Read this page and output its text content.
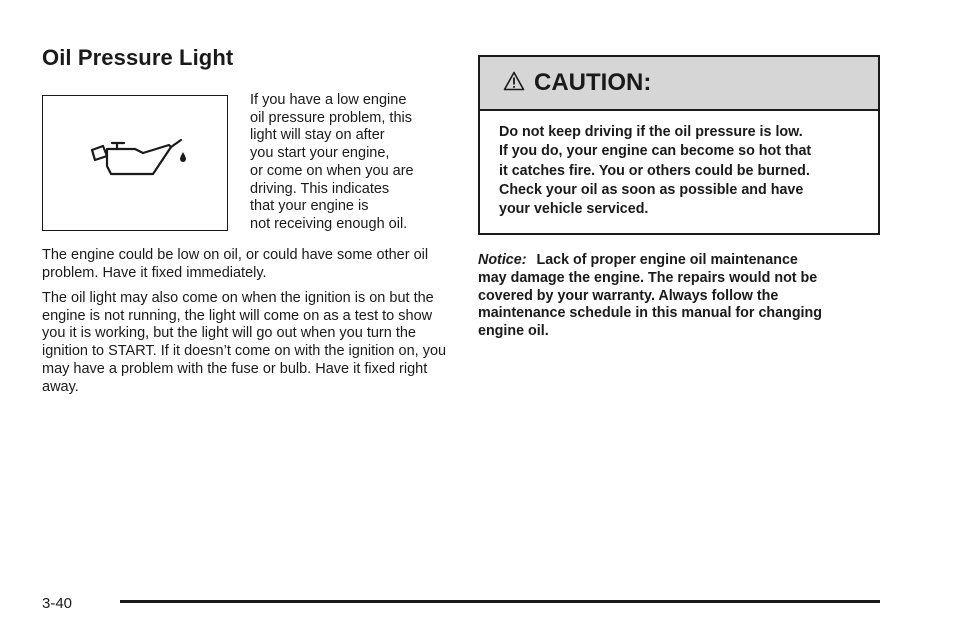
Oil Pressure Light
If you have a low engine
oil pressure problem, this
light will stay on after
you start your engine,
or come on when you are
driving. This indicates
that your engine is
not receiving enough oil.

The engine could be low on oil, or could have some other oil problem. Have it fixed immediately.

The oil light may also come on when the ignition is on but the engine is not running, the light will come on as a test to show you it is working, but the light will go out when you turn the ignition to START. If it doesn’t come on with the ignition on, you may have a problem with the fuse or bulb. Have it fixed right away.

CAUTION:
Do not keep driving if the oil pressure is low.
If you do, your engine can become so hot that
it catches fire. You or others could be burned.
Check your oil as soon as possible and have
your vehicle serviced.
Notice: Lack of proper engine oil maintenance
may damage the engine. The repairs would not be
covered by your warranty. Always follow the
maintenance schedule in this manual for changing
engine oil.
3-40
